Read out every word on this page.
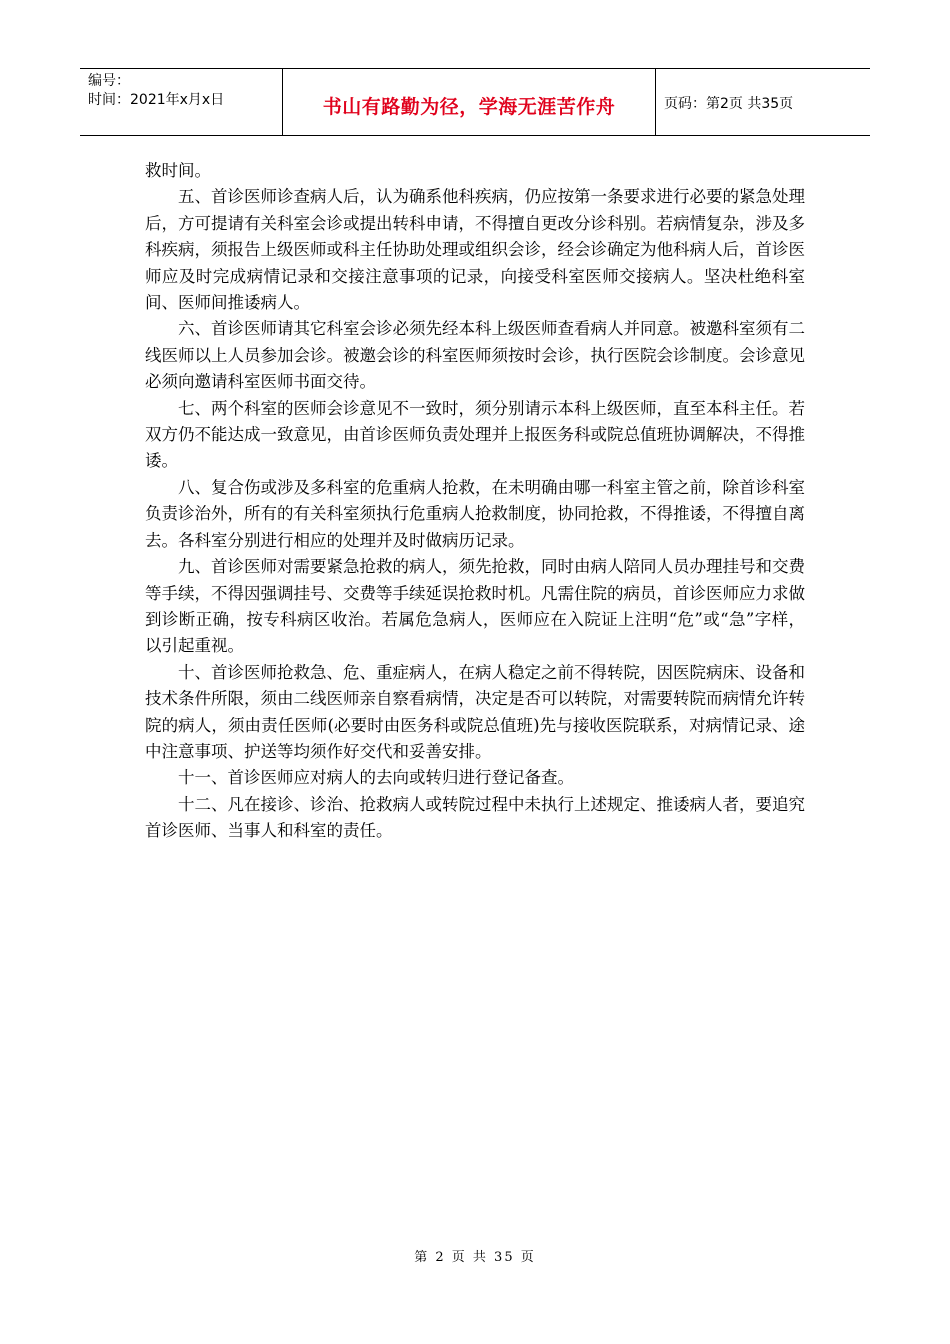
编号：
时间：2021年x月x日	书山有路勤为径，学海无涯苦作舟	页码：第2页 共35页

救时间。

五、首诊医师诊查病人后，认为确系他科疾病，仍应按第一条要求进行必要的紧急处理后，方可提请有关科室会诊或提出转科申请，不得擅自更改分诊科别。若病情复杂，涉及多科疾病，须报告上级医师或科主任协助处理或组织会诊，经会诊确定为他科病人后，首诊医师应及时完成病情记录和交接注意事项的记录，向接受科室医师交接病人。坚决杜绝科室间、医师间推诿病人。

六、首诊医师请其它科室会诊必须先经本科上级医师查看病人并同意。被邀科室须有二线医师以上人员参加会诊。被邀会诊的科室医师须按时会诊，执行医院会诊制度。会诊意见必须向邀请科室医师书面交待。

七、两个科室的医师会诊意见不一致时，须分别请示本科上级医师，直至本科主任。若双方仍不能达成一致意见，由首诊医师负责处理并上报医务科或院总值班协调解决，不得推诿。

八、复合伤或涉及多科室的危重病人抢救，在未明确由哪一科室主管之前，除首诊科室负责诊治外，所有的有关科室须执行危重病人抢救制度，协同抢救，不得推诿，不得擅自离去。各科室分别进行相应的处理并及时做病历记录。

九、首诊医师对需要紧急抢救的病人，须先抢救，同时由病人陪同人员办理挂号和交费等手续，不得因强调挂号、交费等手续延误抢救时机。凡需住院的病员，首诊医师应力求做到诊断正确，按专科病区收治。若属危急病人，医师应在入院证上注明“危”或“急”字样，以引起重视。

十、首诊医师抢救急、危、重症病人，在病人稳定之前不得转院，因医院病床、设备和技术条件所限，须由二线医师亲自察看病情，决定是否可以转院，对需要转院而病情允许转院的病人，须由责任医师(必要时由医务科或院总值班)先与接收医院联系，对病情记录、途中注意事项、护送等均须作好交代和妥善安排。

十一、首诊医师应对病人的去向或转归进行登记备查。

十二、凡在接诊、诊治、抢救病人或转院过程中未执行上述规定、推诿病人者，要追究首诊医师、当事人和科室的责任。

第 2 页 共 35 页
